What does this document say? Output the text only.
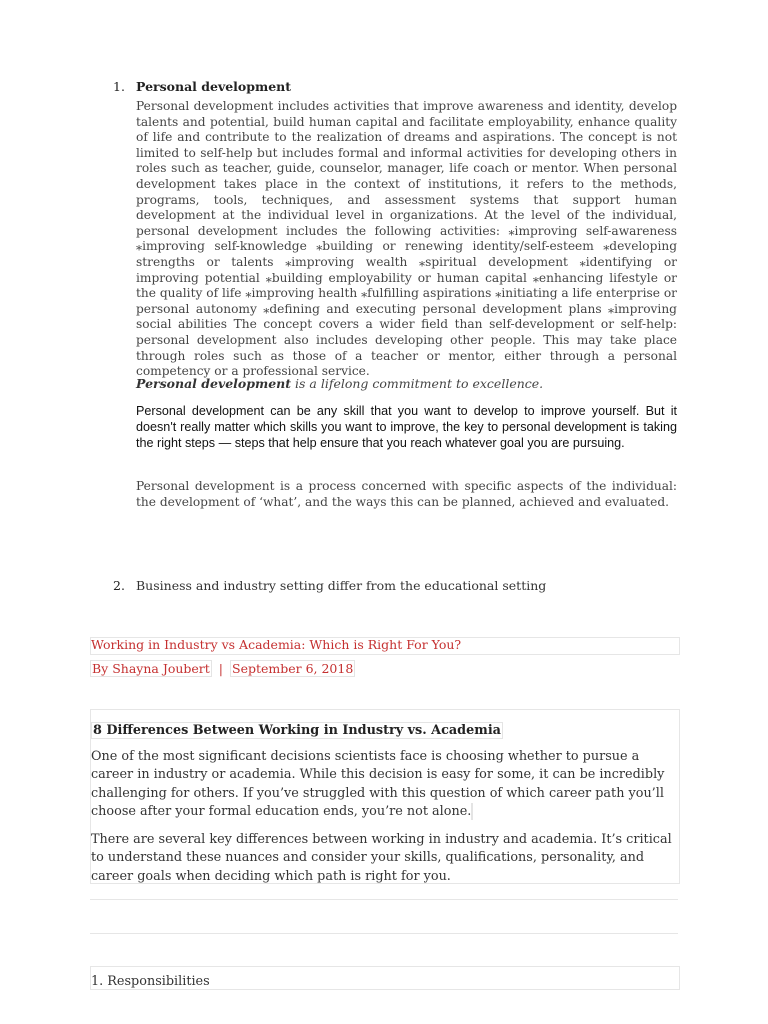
1. Personal development
Personal development includes activities that improve awareness and identity, develop talents and potential, build human capital and facilitate employability, enhance quality of life and contribute to the realization of dreams and aspirations. The concept is not limited to self-help but includes formal and informal activities for developing others in roles such as teacher, guide, counselor, manager, life coach or mentor. When personal development takes place in the context of institutions, it refers to the methods, programs, tools, techniques, and assessment systems that support human development at the individual level in organizations. At the level of the individual, personal development includes the following activities: ⁎improving self-awareness ⁎improving self-knowledge ⁎building or renewing identity/self-esteem ⁎developing strengths or talents ⁎improving wealth ⁎spiritual development ⁎identifying or improving potential ⁎building employability or human capital ⁎enhancing lifestyle or the quality of life ⁎improving health ⁎fulfilling aspirations ⁎initiating a life enterprise or personal autonomy ⁎defining and executing personal development plans ⁎improving social abilities The concept covers a wider field than self-development or self-help: personal development also includes developing other people. This may take place through roles such as those of a teacher or mentor, either through a personal competency or a professional service.
Personal development is a lifelong commitment to excellence.
Personal development can be any skill that you want to develop to improve yourself. But it doesn't really matter which skills you want to improve, the key to personal development is taking the right steps — steps that help ensure that you reach whatever goal you are pursuing.
Personal development is a process concerned with specific aspects of the individual: the development of ‘what’, and the ways this can be planned, achieved and evaluated.
2. Business and industry setting differ from the educational setting
Working in Industry vs Academia: Which is Right For You?
By Shayna Joubert | September 6, 2018
8 Differences Between Working in Industry vs. Academia
One of the most significant decisions scientists face is choosing whether to pursue a career in industry or academia. While this decision is easy for some, it can be incredibly challenging for others. If you’ve struggled with this question of which career path you’ll choose after your formal education ends, you’re not alone.
There are several key differences between working in industry and academia. It’s critical to understand these nuances and consider your skills, qualifications, personality, and career goals when deciding which path is right for you.
1. Responsibilities
